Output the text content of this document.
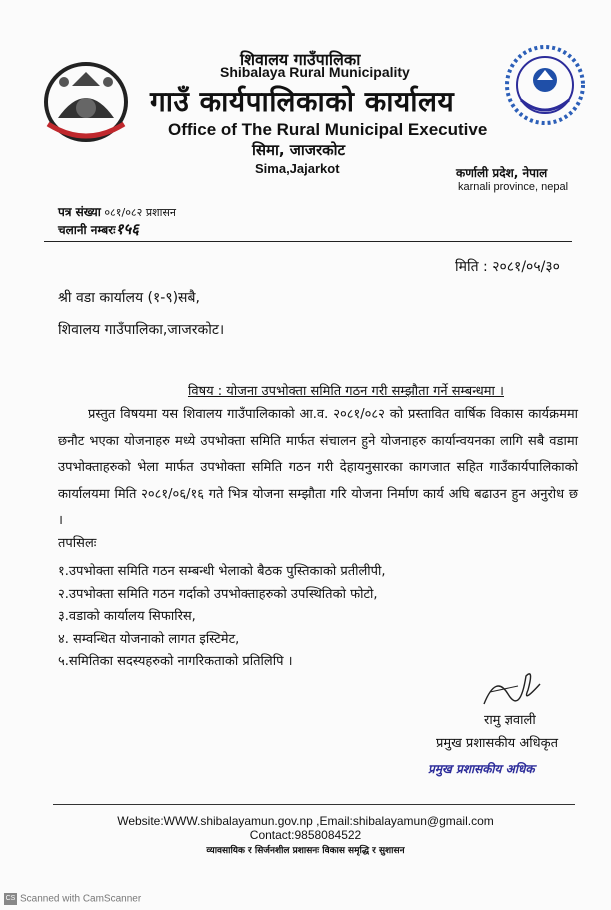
शिवालय गाउँपालिका
Shibalaya Rural Municipality
गाउँ कार्यपालिकाको कार्यालय
Office of The Rural Municipal Executive
सिमा, जाजरकोट
Sima,Jajarkot	कर्णाली प्रदेश, नेपाल
karnali province, nepal
पत्र संख्या ०८१/०८२ प्रशासन
चलानी नम्बरः१५६
मिति : २०८१/०५/३०
श्री वडा कार्यालय (१-९)सबै,
शिवालय गाउँपालिका,जाजरकोट।
विषय : योजना उपभोक्ता समिति गठन गरी सम्झौता गर्ने सम्बन्धमा ।
प्रस्तुत विषयमा यस शिवालय गाउँपालिकाको आ.व. २०८१/०८२ को प्रस्तावित वार्षिक विकास कार्यक्रममा छनौट भएका योजनाहरु मध्ये उपभोक्ता समिति मार्फत संचालन हुने योजनाहरु कार्यान्वयनका लागि सबै वडामा उपभोक्ताहरुको भेला मार्फत उपभोक्ता समिति गठन गरी देहायनुसारका कागजात सहित गाउँकार्यपालिकाको कार्यालयमा मिति २०८१/०६/१६ गते भित्र योजना सम्झौता गरि योजना निर्माण कार्य अघि बढाउन हुन अनुरोध छ ।
तपसिलः
१.उपभोक्ता समिति गठन सम्बन्धी भेलाको बैठक पुस्तिकाको प्रतीलीपी,
२.उपभोक्ता समिति गठन गर्दाको उपभोक्ताहरुको उपस्थितिको फोटो,
३.वडाको कार्यालय सिफारिस,
४. सम्वन्धित योजनाको लागत इस्टिमेट,
५.समितिका सदस्यहरुको नागरिकताको प्रतिलिपि ।
रामु ज्ञवाली
प्रमुख प्रशासकीय अधिकृत
प्रमुख प्रशासकीय अधिक
Website:WWW.shibalayamun.gov.np ,Email:shibalayamun@gmail.com
Contact:9858084522
व्यावसायिक र सिर्जनशील प्रशासनः विकास समृद्धि र सुशासन
CS Scanned with CamScanner
